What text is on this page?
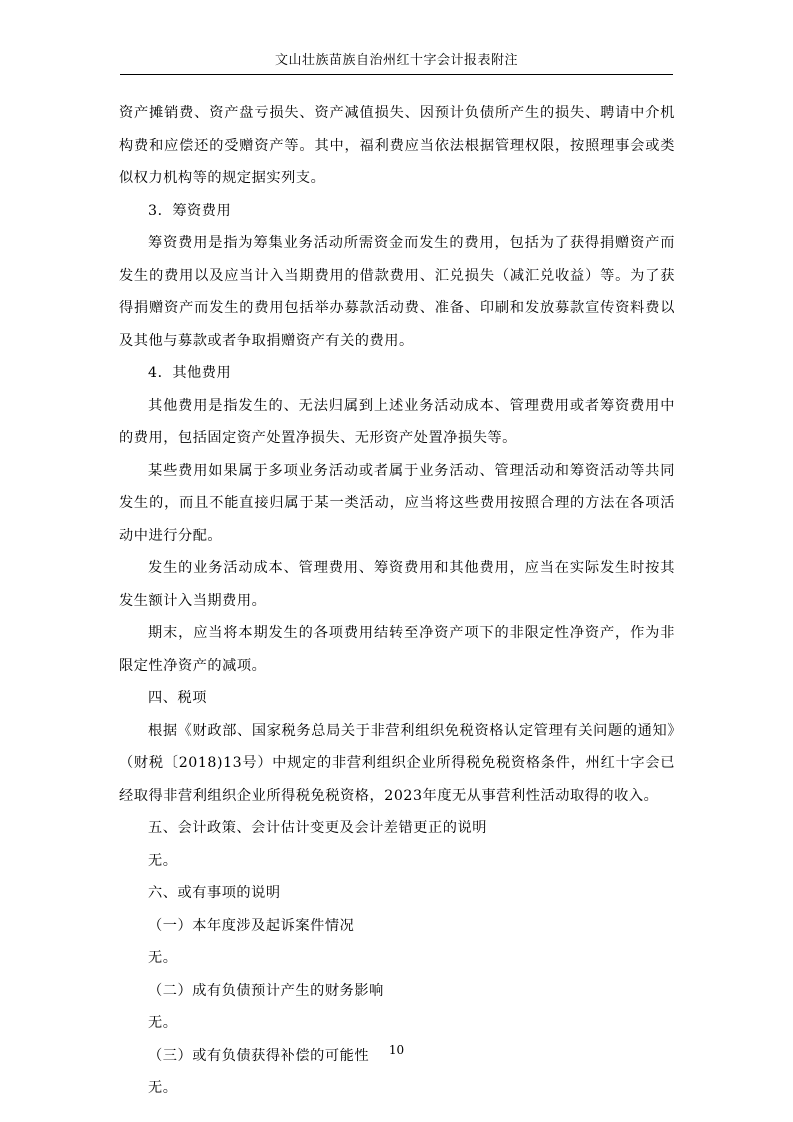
文山壮族苗族自治州红十字会计报表附注

资产摊销费、资产盘亏损失、资产减值损失、因预计负债所产生的损失、聘请中介机构费和应偿还的受赠资产等。其中，福利费应当依法根据管理权限，按照理事会或类似权力机构等的规定据实列支。

3．筹资费用

筹资费用是指为筹集业务活动所需资金而发生的费用，包括为了获得捐赠资产而发生的费用以及应当计入当期费用的借款费用、汇兑损失（减汇兑收益）等。为了获得捐赠资产而发生的费用包括举办募款活动费、准备、印刷和发放募款宣传资料费以及其他与募款或者争取捐赠资产有关的费用。

4．其他费用

其他费用是指发生的、无法归属到上述业务活动成本、管理费用或者筹资费用中的费用，包括固定资产处置净损失、无形资产处置净损失等。

某些费用如果属于多项业务活动或者属于业务活动、管理活动和筹资活动等共同发生的，而且不能直接归属于某一类活动，应当将这些费用按照合理的方法在各项活动中进行分配。

发生的业务活动成本、管理费用、筹资费用和其他费用，应当在实际发生时按其发生额计入当期费用。

期末，应当将本期发生的各项费用结转至净资产项下的非限定性净资产，作为非限定性净资产的减项。

四、税项

根据《财政部、国家税务总局关于非营利组织免税资格认定管理有关问题的通知》（财税〔2018)13号）中规定的非营利组织企业所得税免税资格条件，州红十字会已经取得非营利组织企业所得税免税资格，2023年度无从事营利性活动取得的收入。

五、会计政策、会计估计变更及会计差错更正的说明

无。

六、或有事项的说明

（一）本年度涉及起诉案件情况

无。

（二）成有负债预计产生的财务影响

无。

（三）或有负债获得补偿的可能性

无。

10
